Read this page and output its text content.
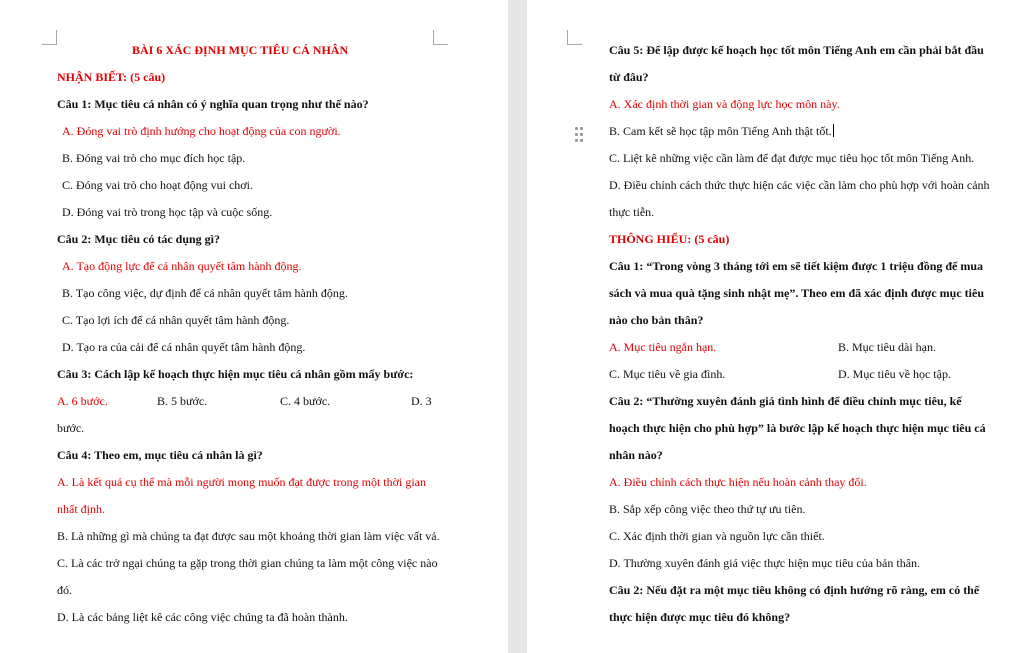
BÀI 6 XÁC ĐỊNH MỤC TIÊU CÁ NHÂN
NHẬN BIẾT: (5 câu)
Câu 1: Mục tiêu cá nhân có ý nghĩa quan trọng như thế nào?
A. Đóng vai trò định hướng cho hoạt động của con người.
B. Đóng vai trò cho mục đích học tập.
C. Đóng vai trò cho hoạt động vui chơi.
D. Đóng vai trò trong học tập và cuộc sống.
Câu 2: Mục tiêu có tác dụng gì?
A. Tạo động lực để cá nhân quyết tâm hành động.
B. Tạo công việc, dự định để cá nhân quyết tâm hành động.
C. Tạo lợi ích để cá nhân quyết tâm hành động.
D. Tạo ra của cải để cá nhân quyết tâm hành động.
Câu 3: Cách lập kế hoạch thực hiện mục tiêu cá nhân gồm mấy bước:
A. 6 bước.	B. 5 bước.	C. 4 bước.	D. 3
bước.
Câu 4: Theo em, mục tiêu cá nhân là gì?
A. Là kết quả cụ thể mà mỗi người mong muốn đạt được trong một thời gian
nhất định.
B. Là những gì mà chúng ta đạt được sau một khoảng thời gian làm việc vất vả.
C. Là các trở ngại chúng ta gặp trong thời gian chúng ta làm một công việc nào
đó.
D. Là các bảng liệt kê các công việc chúng ta đã hoàn thành.
Câu 5: Để lập được kế hoạch học tốt môn Tiếng Anh em cần phải bắt đầu
từ đâu?
A. Xác định thời gian và động lực học môn này.
B. Cam kết sẽ học tập môn Tiếng Anh thật tốt.
C. Liệt kê những việc cần làm để đạt được mục tiêu học tốt môn Tiếng Anh.
D. Điều chỉnh cách thức thực hiện các việc cần làm cho phù hợp với hoàn cảnh
thực tiễn.
THÔNG HIỂU: (5 câu)
Câu 1: “Trong vòng 3 tháng tới em sẽ tiết kiệm được 1 triệu đồng để mua
sách và mua quà tặng sinh nhật mẹ”. Theo em đã xác định được mục tiêu
nào cho bản thân?
A. Mục tiêu ngắn hạn.	B. Mục tiêu dài hạn.
C. Mục tiêu về gia đình.	D. Mục tiêu về học tập.
Câu 2: “Thường xuyên đánh giá tình hình để điều chỉnh mục tiêu, kế
hoạch thực hiện cho phù hợp” là bước lập kế hoạch thực hiện mục tiêu cá
nhân nào?
A. Điều chỉnh cách thực hiện nếu hoàn cảnh thay đổi.
B. Sắp xếp công việc theo thứ tự ưu tiên.
C. Xác định thời gian và nguồn lực cần thiết.
D. Thường xuyên đánh giá việc thực hiện mục tiêu của bản thân.
Câu 2: Nếu đặt ra một mục tiêu không có định hướng rõ ràng, em có thể
thực hiện được mục tiêu đó không?
